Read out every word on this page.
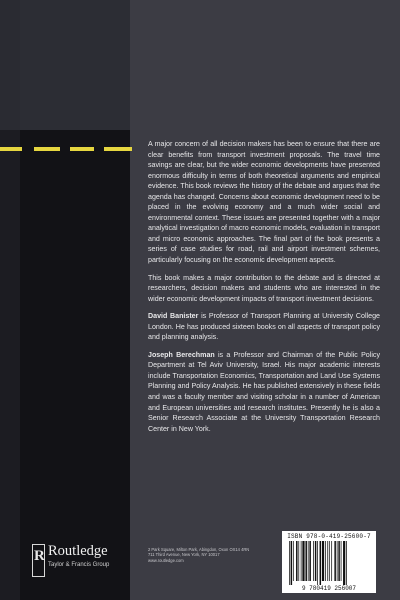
A major concern of all decision makers has been to ensure that there are clear benefits from transport investment proposals. The travel time savings are clear, but the wider economic developments have presented enormous difficulty in terms of both theoretical arguments and empirical evidence. This book reviews the history of the debate and argues that the agenda has changed. Concerns about economic development need to be placed in the evolving economy and a much wider social and environmental context. These issues are presented together with a major analytical investigation of macro economic models, evaluation in transport and micro economic approaches. The final part of the book presents a series of case studies for road, rail and airport investment schemes, particularly focusing on the economic development aspects.

This book makes a major contribution to the debate and is directed at researchers, decision makers and students who are interested in the wider economic development impacts of transport investment decisions.

David Banister is Professor of Transport Planning at University College London. He has produced sixteen books on all aspects of transport policy and planning analysis.

Joseph Berechman is a Professor and Chairman of the Public Policy Department at Tel Aviv University, Israel. His major academic interests include Transportation Economics, Transportation and Land Use Systems Planning and Policy Analysis. He has published extensively in these fields and was a faculty member and visiting scholar in a number of American and European universities and research institutes. Presently he is also a Senior Research Associate at the University Transportation Research Center in New York.

R Routledge
Taylor & Francis Group
2 Park Square, Milton Park, Abingdon, Oxon OX14 4RN
711 Third Avenue, New York, NY 10017
www.routledge.com
ISBN 978-0-419-25600-7
9 780419 256007
